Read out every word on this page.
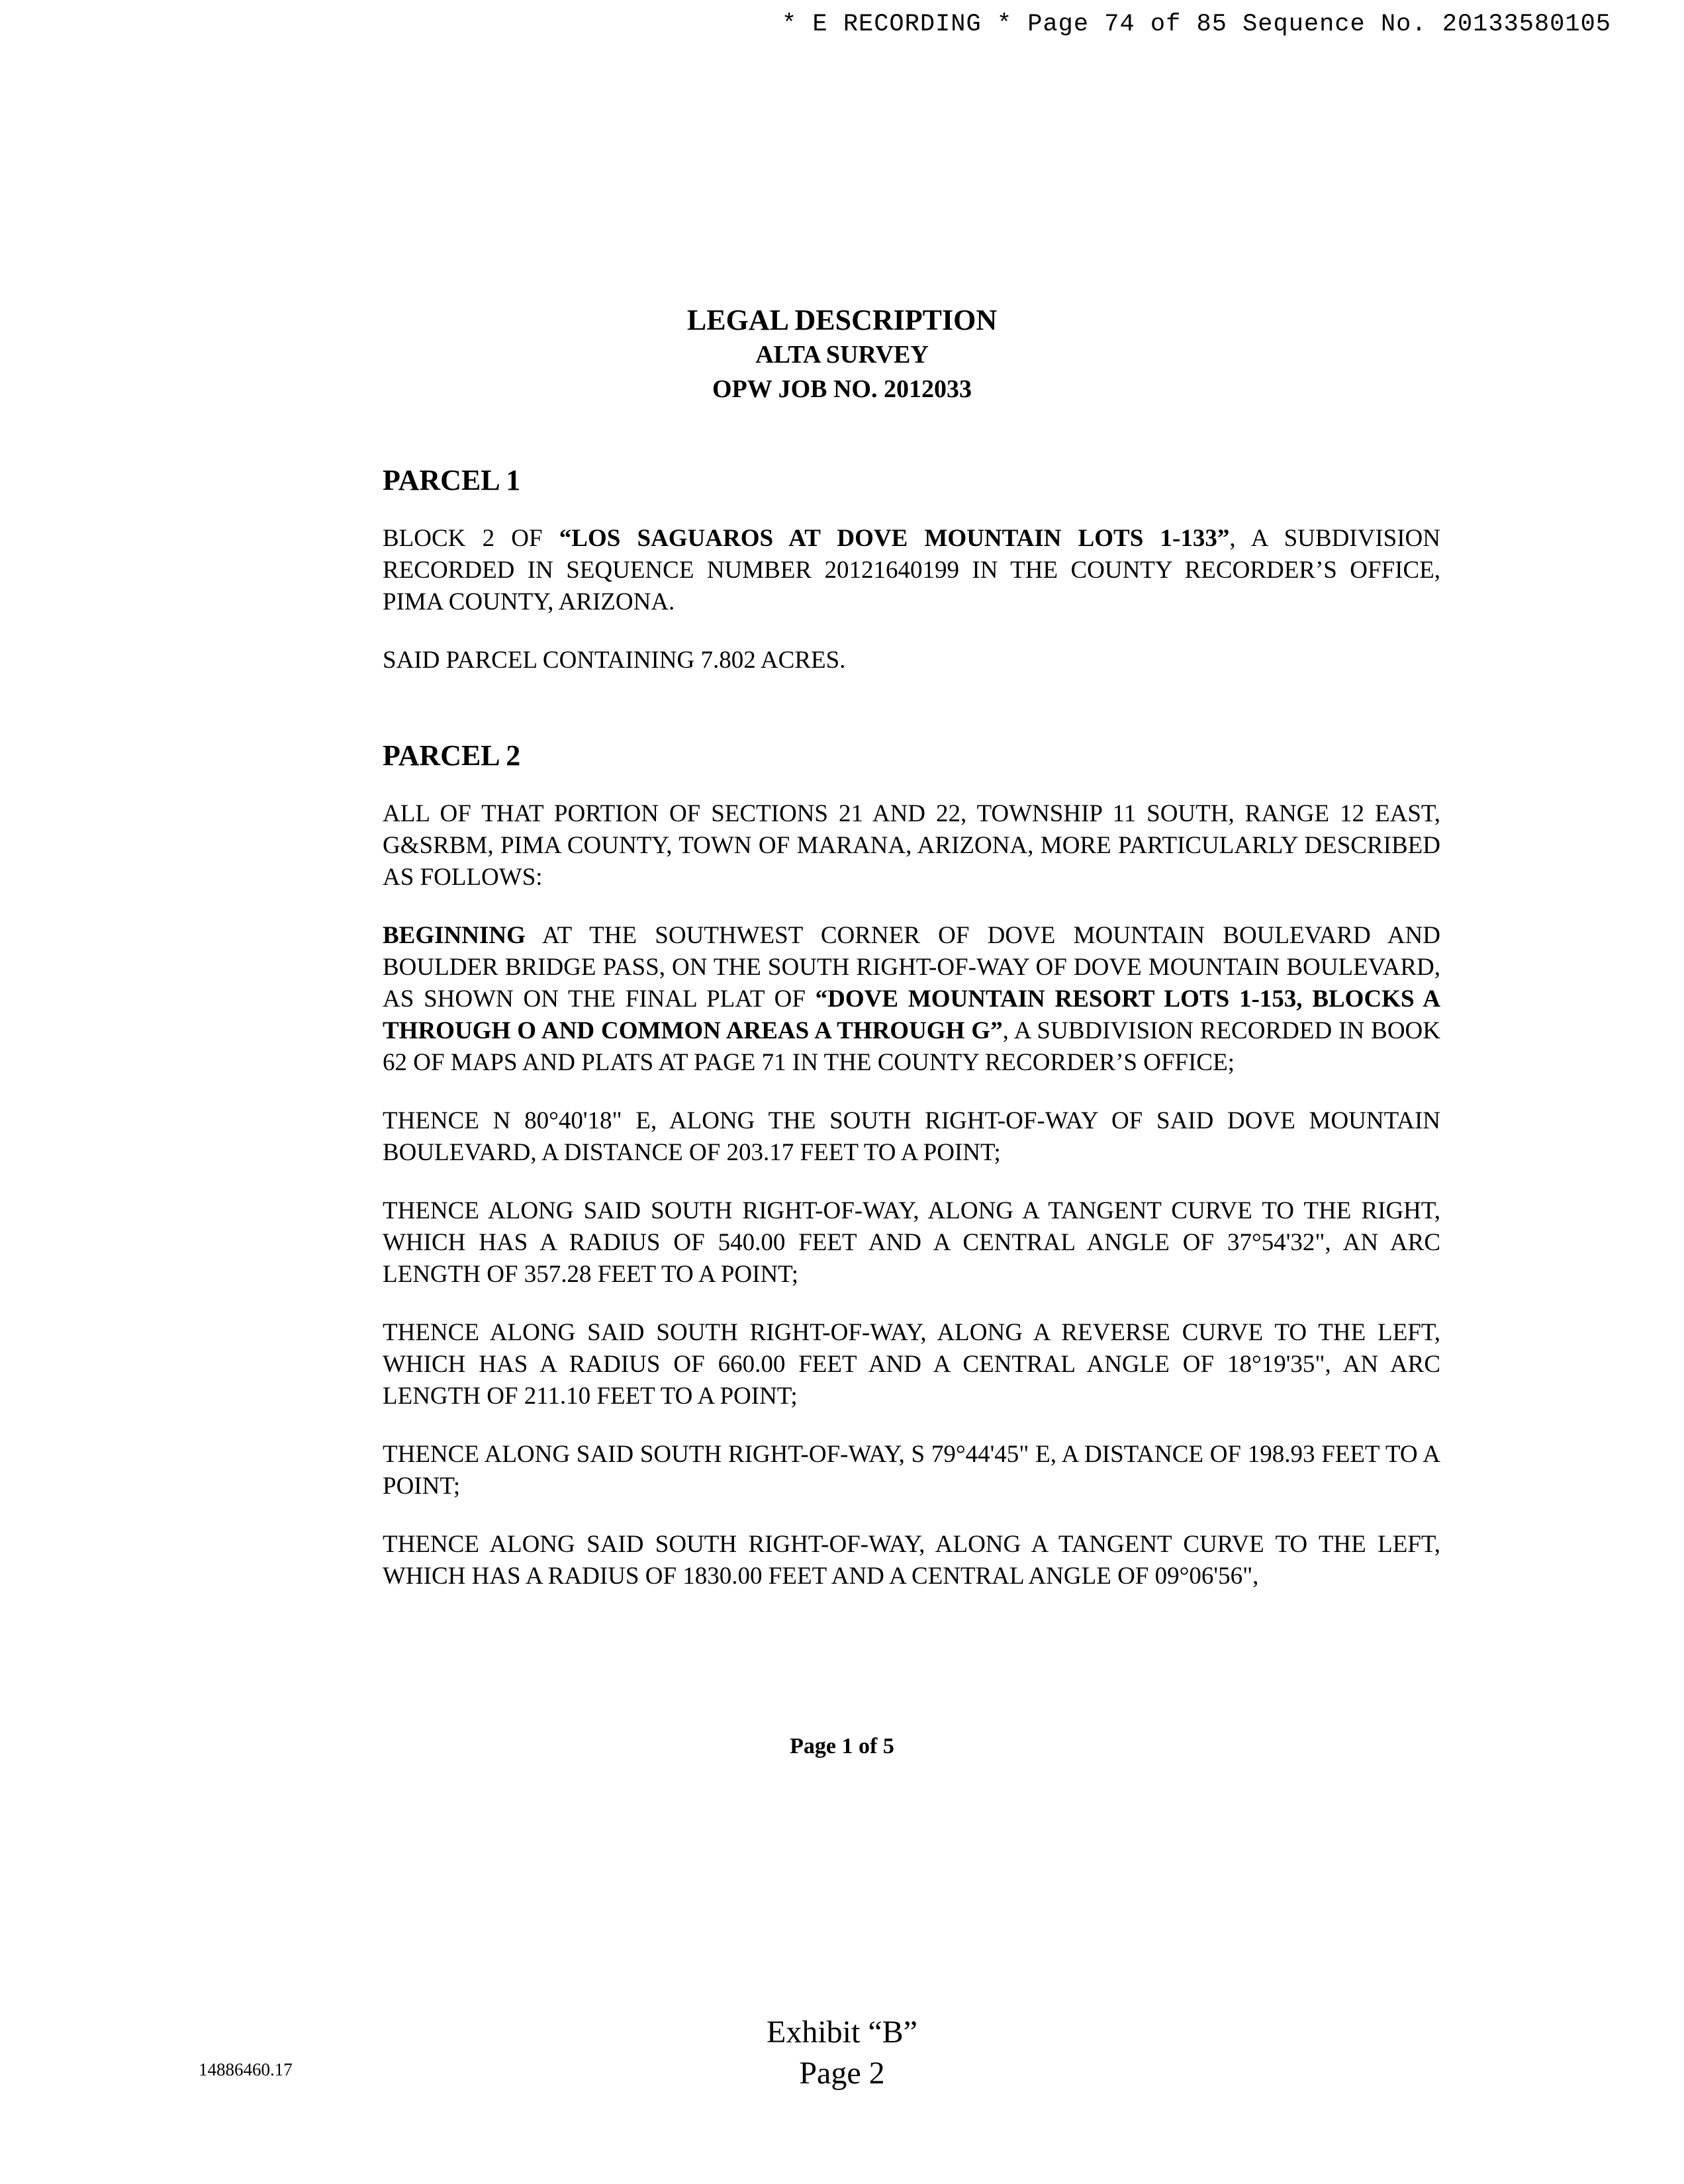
* E RECORDING * Page 74 of 85 Sequence No. 20133580105
LEGAL DESCRIPTION
ALTA SURVEY
OPW JOB NO. 2012033
PARCEL 1

BLOCK 2 OF “LOS SAGUAROS AT DOVE MOUNTAIN LOTS 1-133”, A SUBDIVISION RECORDED IN SEQUENCE NUMBER 20121640199 IN THE COUNTY RECORDER’S OFFICE, PIMA COUNTY, ARIZONA.

SAID PARCEL CONTAINING 7.802 ACRES.

PARCEL 2

ALL OF THAT PORTION OF SECTIONS 21 AND 22, TOWNSHIP 11 SOUTH, RANGE 12 EAST, G&SRBM, PIMA COUNTY, TOWN OF MARANA, ARIZONA, MORE PARTICULARLY DESCRIBED AS FOLLOWS:

BEGINNING AT THE SOUTHWEST CORNER OF DOVE MOUNTAIN BOULEVARD AND BOULDER BRIDGE PASS, ON THE SOUTH RIGHT-OF-WAY OF DOVE MOUNTAIN BOULEVARD, AS SHOWN ON THE FINAL PLAT OF “DOVE MOUNTAIN RESORT LOTS 1-153, BLOCKS A THROUGH O AND COMMON AREAS A THROUGH G”, A SUBDIVISION RECORDED IN BOOK 62 OF MAPS AND PLATS AT PAGE 71 IN THE COUNTY RECORDER’S OFFICE;

THENCE N 80°40'18" E, ALONG THE SOUTH RIGHT-OF-WAY OF SAID DOVE MOUNTAIN BOULEVARD, A DISTANCE OF 203.17 FEET TO A POINT;

THENCE ALONG SAID SOUTH RIGHT-OF-WAY, ALONG A TANGENT CURVE TO THE RIGHT, WHICH HAS A RADIUS OF 540.00 FEET AND A CENTRAL ANGLE OF 37°54'32", AN ARC LENGTH OF 357.28 FEET TO A POINT;

THENCE ALONG SAID SOUTH RIGHT-OF-WAY, ALONG A REVERSE CURVE TO THE LEFT, WHICH HAS A RADIUS OF 660.00 FEET AND A CENTRAL ANGLE OF 18°19'35", AN ARC LENGTH OF 211.10 FEET TO A POINT;

THENCE ALONG SAID SOUTH RIGHT-OF-WAY, S 79°44'45" E, A DISTANCE OF 198.93 FEET TO A POINT;

THENCE ALONG SAID SOUTH RIGHT-OF-WAY, ALONG A TANGENT CURVE TO THE LEFT, WHICH HAS A RADIUS OF 1830.00 FEET AND A CENTRAL ANGLE OF 09°06'56",

Page 1 of 5
Exhibit “B”
Page 2
14886460.17
